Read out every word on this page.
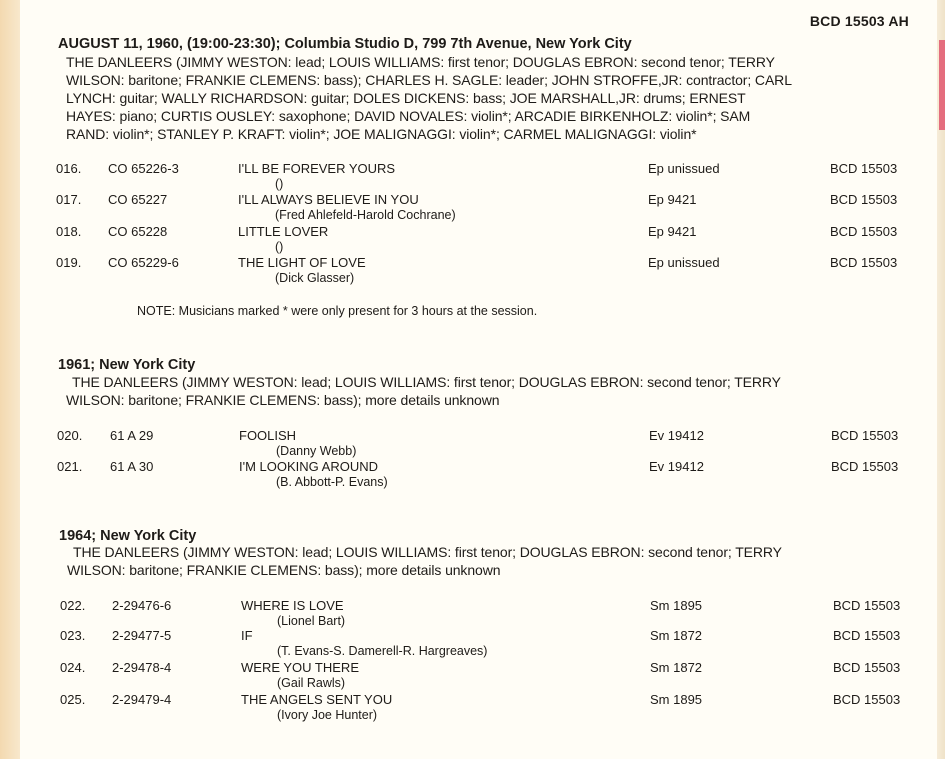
BCD 15503 AH
AUGUST 11, 1960, (19:00-23:30); Columbia Studio D, 799 7th Avenue, New York City
THE DANLEERS (JIMMY WESTON: lead; LOUIS WILLIAMS: first tenor; DOUGLAS EBRON: second tenor; TERRY
WILSON: baritone; FRANKIE CLEMENS: bass); CHARLES H. SAGLE: leader; JOHN STROFFE,JR: contractor; CARL
LYNCH: guitar; WALLY RICHARDSON: guitar; DOLES DICKENS: bass; JOE MARSHALL,JR: drums; ERNEST
HAYES: piano; CURTIS OUSLEY: saxophone; DAVID NOVALES: violin*; ARCADIE BIRKENHOLZ: violin*; SAM
RAND: violin*; STANLEY P. KRAFT: violin*; JOE MALIGNAGGI: violin*; CARMEL MALIGNAGGI: violin*
016. CO 65226-3	I'LL BE FOREVER YOURS
()
Ep unissued	BCD 15503
017. CO 65227	I'LL ALWAYS BELIEVE IN YOU
(Fred Ahlefeld-Harold Cochrane)
Ep 9421	BCD 15503
018. CO 65228	LITTLE LOVER
()
Ep 9421	BCD 15503
019. CO 65229-6	THE LIGHT OF LOVE
(Dick Glasser)
Ep unissued	BCD 15503
NOTE: Musicians marked * were only present for 3 hours at the session.
1961; New York City
THE DANLEERS (JIMMY WESTON: lead; LOUIS WILLIAMS: first tenor; DOUGLAS EBRON: second tenor; TERRY
WILSON: baritone; FRANKIE CLEMENS: bass); more details unknown
020. 61 A 29	FOOLISH
(Danny Webb)
Ev 19412	BCD 15503
021. 61 A 30	I'M LOOKING AROUND
(B. Abbott-P. Evans)
Ev 19412	BCD 15503
1964; New York City
THE DANLEERS (JIMMY WESTON: lead; LOUIS WILLIAMS: first tenor; DOUGLAS EBRON: second tenor; TERRY
WILSON: baritone; FRANKIE CLEMENS: bass); more details unknown
022. 2-29476-6	WHERE IS LOVE
(Lionel Bart)
Sm 1895	BCD 15503
023. 2-29477-5	IF
(T. Evans-S. Damerell-R. Hargreaves)
Sm 1872	BCD 15503
024. 2-29478-4	WERE YOU THERE
(Gail Rawls)
Sm 1872	BCD 15503
025. 2-29479-4	THE ANGELS SENT YOU
(Ivory Joe Hunter)
Sm 1895	BCD 15503
